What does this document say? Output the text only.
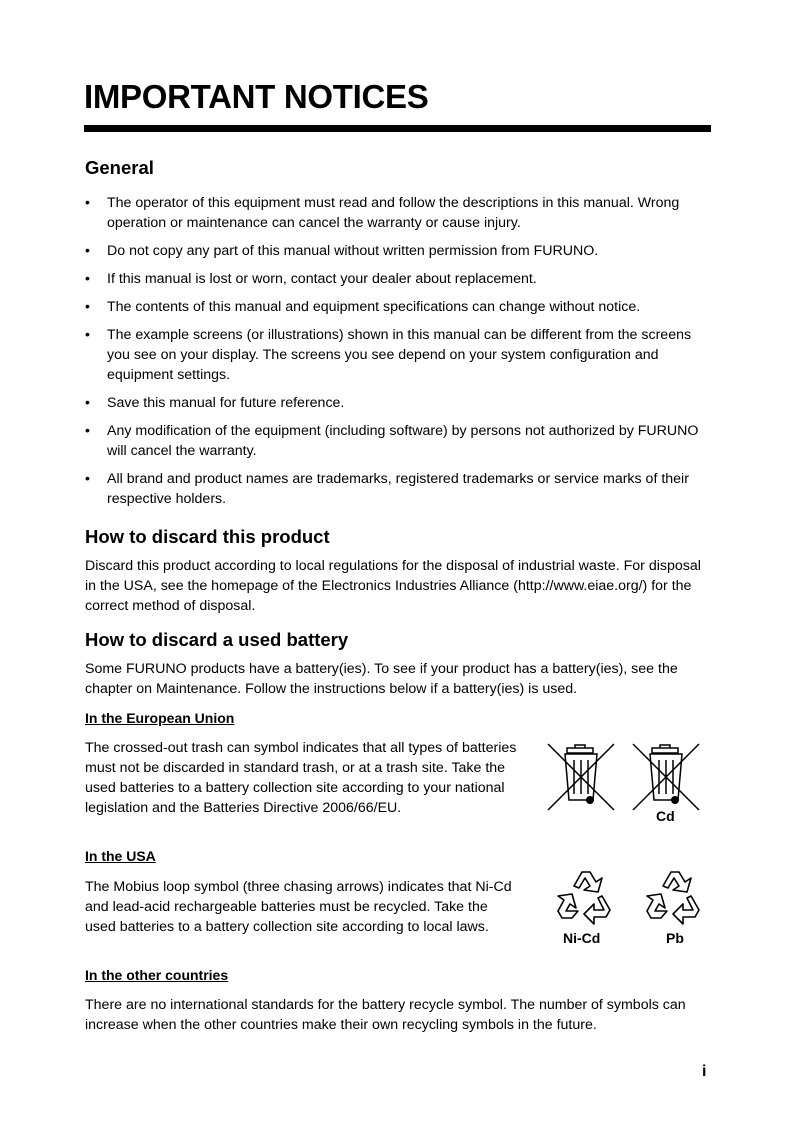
IMPORTANT NOTICES
General
• The operator of this equipment must read and follow the descriptions in this manual. Wrong operation or maintenance can cancel the warranty or cause injury.
• Do not copy any part of this manual without written permission from FURUNO.
• If this manual is lost or worn, contact your dealer about replacement.
• The contents of this manual and equipment specifications can change without notice.
• The example screens (or illustrations) shown in this manual can be different from the screens you see on your display. The screens you see depend on your system configuration and equipment settings.
• Save this manual for future reference.
• Any modification of the equipment (including software) by persons not authorized by FURUNO will cancel the warranty.
• All brand and product names are trademarks, registered trademarks or service marks of their respective holders.
How to discard this product

Discard this product according to local regulations for the disposal of industrial waste. For disposal in the USA, see the homepage of the Electronics Industries Alliance (http://www.eiae.org/) for the correct method of disposal.

How to discard a used battery

Some FURUNO products have a battery(ies). To see if your product has a battery(ies), see the chapter on Maintenance. Follow the instructions below if a battery(ies) is used.

In the European Union

The crossed-out trash can symbol indicates that all types of batteries must not be discarded in standard trash, or at a trash site. Take the used batteries to a battery collection site according to your national legislation and the Batteries Directive 2006/66/EU.	Cd
In the USA

The Mobius loop symbol (three chasing arrows) indicates that Ni-Cd and lead-acid rechargeable batteries must be recycled. Take the used batteries to a battery collection site according to local laws.

Ni-Cd	Pb
In the other countries

There are no international standards for the battery recycle symbol. The number of symbols can increase when the other countries make their own recycling symbols in the future.

i
